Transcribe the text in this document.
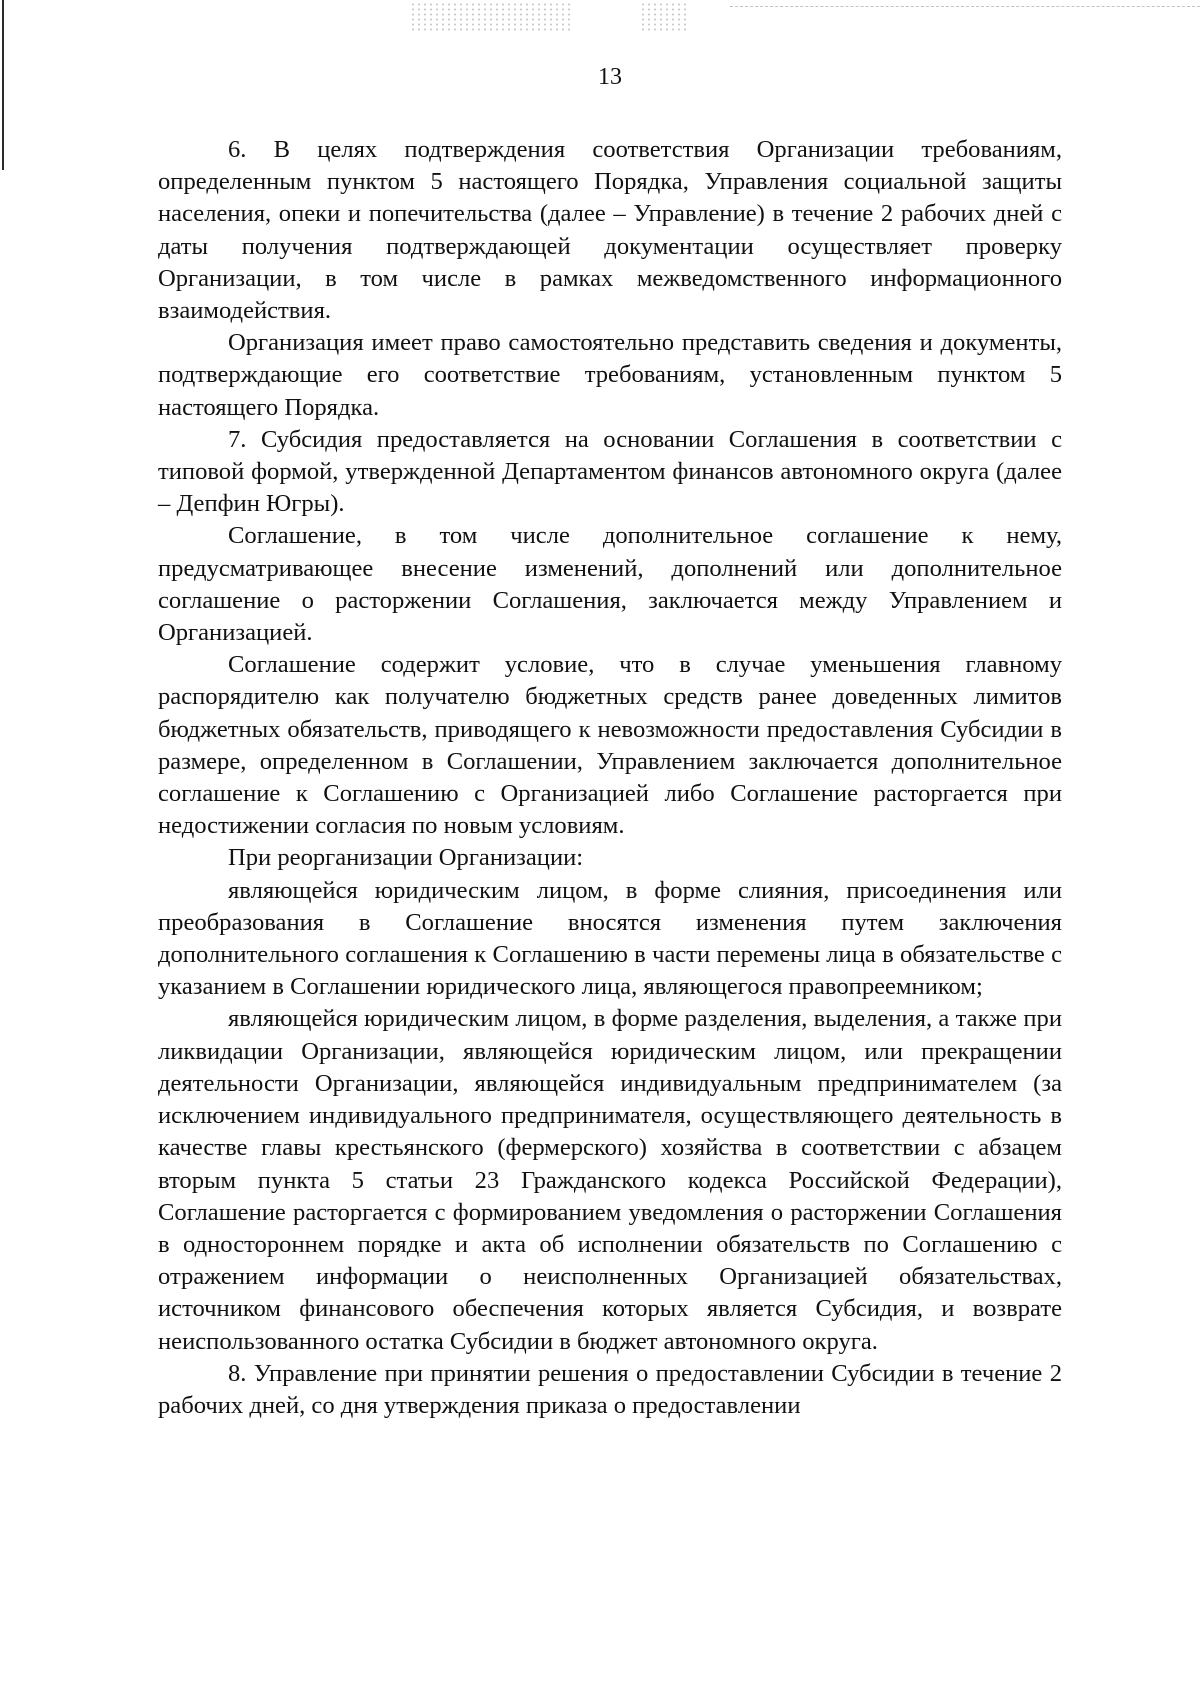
13

6. В целях подтверждения соответствия Организации требованиям, определенным пунктом 5 настоящего Порядка, Управления социальной защиты населения, опеки и попечительства (далее – Управление) в течение 2 рабочих дней с даты получения подтверждающей документации осуществляет проверку Организации, в том числе в рамках межведомственного информационного взаимодействия.

Организация имеет право самостоятельно представить сведения и документы, подтверждающие его соответствие требованиям, установленным пунктом 5 настоящего Порядка.

7. Субсидия предоставляется на основании Соглашения в соответствии с типовой формой, утвержденной Департаментом финансов автономного округа (далее – Депфин Югры).

Соглашение, в том числе дополнительное соглашение к нему, предусматривающее внесение изменений, дополнений или дополнительное соглашение о расторжении Соглашения, заключается между Управлением и Организацией.

Соглашение содержит условие, что в случае уменьшения главному распорядителю как получателю бюджетных средств ранее доведенных лимитов бюджетных обязательств, приводящего к невозможности предоставления Субсидии в размере, определенном в Соглашении, Управлением заключается дополнительное соглашение к Соглашению с Организацией либо Соглашение расторгается при недостижении согласия по новым условиям.

При реорганизации Организации:

являющейся юридическим лицом, в форме слияния, присоединения или преобразования в Соглашение вносятся изменения путем заключения дополнительного соглашения к Соглашению в части перемены лица в обязательстве с указанием в Соглашении юридического лица, являющегося правопреемником;

являющейся юридическим лицом, в форме разделения, выделения, а также при ликвидации Организации, являющейся юридическим лицом, или прекращении деятельности Организации, являющейся индивидуальным предпринимателем (за исключением индивидуального предпринимателя, осуществляющего деятельность в качестве главы крестьянского (фермерского) хозяйства в соответствии с абзацем вторым пункта 5 статьи 23 Гражданского кодекса Российской Федерации), Соглашение расторгается с формированием уведомления о расторжении Соглашения в одностороннем порядке и акта об исполнении обязательств по Соглашению с отражением информации о неисполненных Организацией обязательствах, источником финансового обеспечения которых является Субсидия, и возврате неиспользованного остатка Субсидии в бюджет автономного округа.

8. Управление при принятии решения о предоставлении Субсидии в течение 2 рабочих дней, со дня утверждения приказа о предоставлении
